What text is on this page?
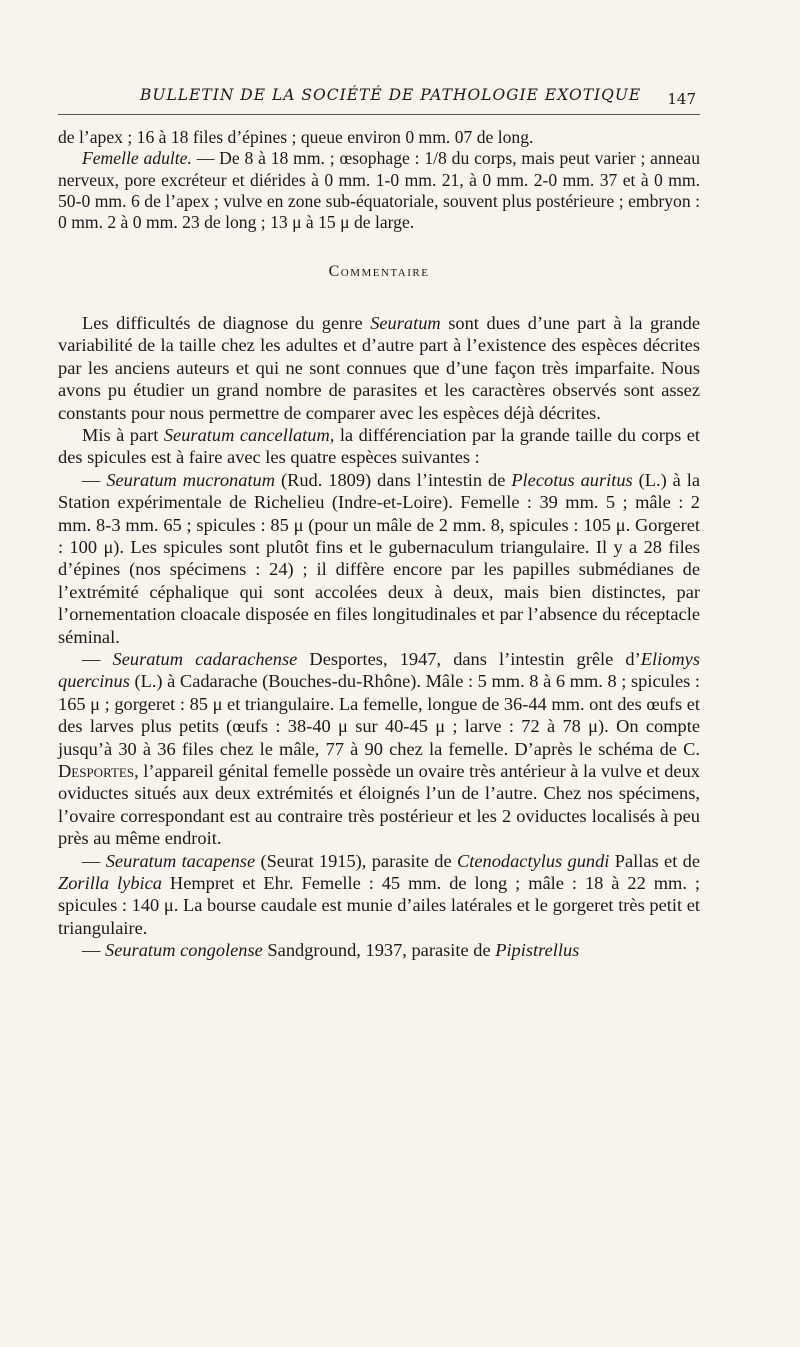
BULLETIN DE LA SOCIÉTÉ DE PATHOLOGIE EXOTIQUE 147

de l’apex ; 16 à 18 files d’épines ; queue environ 0 mm. 07 de long.

Femelle adulte. — De 8 à 18 mm. ; œsophage : 1/8 du corps, mais peut varier ; anneau nerveux, pore excréteur et diérides à 0 mm. 1-0 mm. 21, à 0 mm. 2-0 mm. 37 et à 0 mm. 50-0 mm. 6 de l’apex ; vulve en zone sub-équatoriale, souvent plus postérieure ; embryon : 0 mm. 2 à 0 mm. 23 de long ; 13 μ à 15 μ de large.

Commentaire

Les difficultés de diagnose du genre Seuratum sont dues d’une part à la grande variabilité de la taille chez les adultes et d’autre part à l’existence des espèces décrites par les anciens auteurs et qui ne sont connues que d’une façon très imparfaite. Nous avons pu étudier un grand nombre de parasites et les caractères observés sont assez constants pour nous permettre de comparer avec les espèces déjà décrites.

Mis à part Seuratum cancellatum, la différenciation par la grande taille du corps et des spicules est à faire avec les quatre espèces suivantes :

— Seuratum mucronatum (Rud. 1809) dans l’intestin de Plecotus auritus (L.) à la Station expérimentale de Richelieu (Indre-et-Loire). Femelle : 39 mm. 5 ; mâle : 2 mm. 8-3 mm. 65 ; spicules : 85 μ (pour un mâle de 2 mm. 8, spicules : 105 μ. Gorgeret : 100 μ). Les spicules sont plutôt fins et le gubernaculum triangulaire. Il y a 28 files d’épines (nos spécimens : 24) ; il diffère encore par les papilles submédianes de l’extrémité céphalique qui sont accolées deux à deux, mais bien distinctes, par l’ornementation cloacale disposée en files longitudinales et par l’absence du réceptacle séminal.

— Seuratum cadarachense Desportes, 1947, dans l’intestin grêle d’Eliomys quercinus (L.) à Cadarache (Bouches-du-Rhône). Mâle : 5 mm. 8 à 6 mm. 8 ; spicules : 165 μ ; gorgeret : 85 μ et triangulaire. La femelle, longue de 36-44 mm. ont des œufs et des larves plus petits (œufs : 38-40 μ sur 40-45 μ ; larve : 72 à 78 μ). On compte jusqu’à 30 à 36 files chez le mâle, 77 à 90 chez la femelle. D’après le schéma de C. Desportes, l’appareil génital femelle possède un ovaire très antérieur à la vulve et deux oviductes situés aux deux extrémités et éloignés l’un de l’autre. Chez nos spécimens, l’ovaire correspondant est au contraire très postérieur et les 2 oviductes localisés à peu près au même endroit.

— Seuratum tacapense (Seurat 1915), parasite de Ctenodactylus gundi Pallas et de Zorilla lybica Hempret et Ehr. Femelle : 45 mm. de long ; mâle : 18 à 22 mm. ; spicules : 140 μ. La bourse caudale est munie d’ailes latérales et le gorgeret très petit et triangulaire.

— Seuratum congolense Sandground, 1937, parasite de Pipistrellus
